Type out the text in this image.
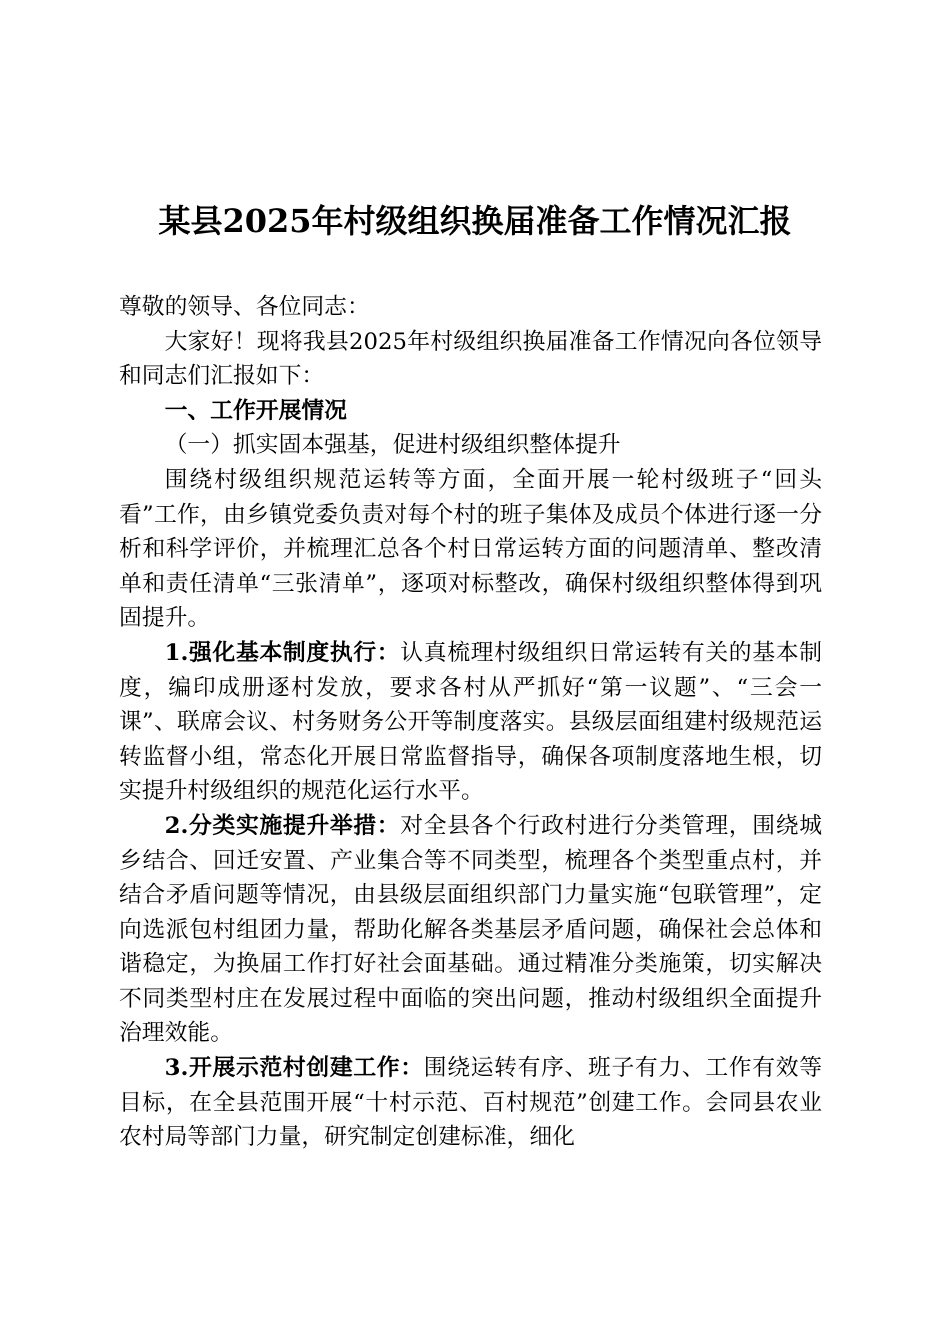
某县2025年村级组织换届准备工作情况汇报

尊敬的领导、各位同志：

大家好！现将我县2025年村级组织换届准备工作情况向各位领导和同志们汇报如下：

一、工作开展情况

（一）抓实固本强基，促进村级组织整体提升

围绕村级组织规范运转等方面，全面开展一轮村级班子“回头看”工作，由乡镇党委负责对每个村的班子集体及成员个体进行逐一分析和科学评价，并梳理汇总各个村日常运转方面的问题清单、整改清单和责任清单“三张清单”，逐项对标整改，确保村级组织整体得到巩固提升。

1.强化基本制度执行：认真梳理村级组织日常运转有关的基本制度，编印成册逐村发放，要求各村从严抓好“第一议题”、“三会一课”、联席会议、村务财务公开等制度落实。县级层面组建村级规范运转监督小组，常态化开展日常监督指导，确保各项制度落地生根，切实提升村级组织的规范化运行水平。

2.分类实施提升举措：对全县各个行政村进行分类管理，围绕城乡结合、回迁安置、产业集合等不同类型，梳理各个类型重点村，并结合矛盾问题等情况，由县级层面组织部门力量实施“包联管理”，定向选派包村组团力量，帮助化解各类基层矛盾问题，确保社会总体和谐稳定，为换届工作打好社会面基础。通过精准分类施策，切实解决不同类型村庄在发展过程中面临的突出问题，推动村级组织全面提升治理效能。

3.开展示范村创建工作：围绕运转有序、班子有力、工作有效等目标，在全县范围开展“十村示范、百村规范”创建工作。会同县农业农村局等部门力量，研究制定创建标准，细化
